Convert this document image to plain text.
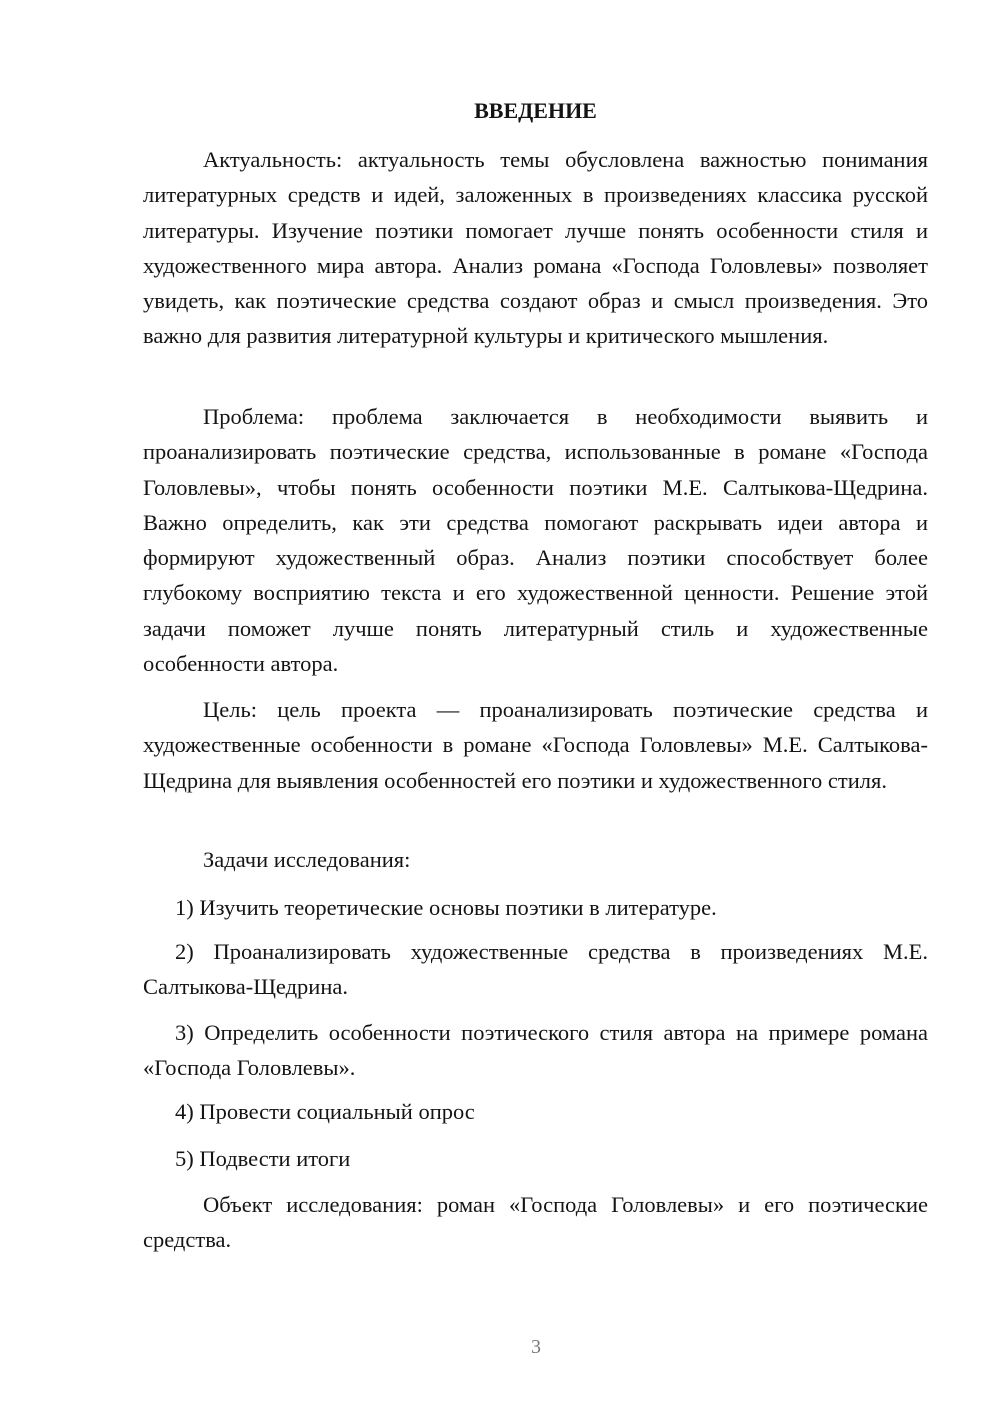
ВВЕДЕНИЕ

Актуальность: актуальность темы обусловлена важностью понимания литературных средств и идей, заложенных в произведениях классика русской литературы. Изучение поэтики помогает лучше понять особенности стиля и художественного мира автора. Анализ романа «Господа Головлевы» позволяет увидеть, как поэтические средства создают образ и смысл произведения. Это важно для развития литературной культуры и критического мышления.

Проблема: проблема заключается в необходимости выявить и проанализировать поэтические средства, использованные в романе «Господа Головлевы», чтобы понять особенности поэтики М.Е. Салтыкова-Щедрина. Важно определить, как эти средства помогают раскрывать идеи автора и формируют художественный образ. Анализ поэтики способствует более глубокому восприятию текста и его художественной ценности. Решение этой задачи поможет лучше понять литературный стиль и художественные особенности автора.

Цель: цель проекта — проанализировать поэтические средства и художественные особенности в романе «Господа Головлевы» М.Е. Салтыкова-Щедрина для выявления особенностей его поэтики и художественного стиля.

Задачи исследования:

1) Изучить теоретические основы поэтики в литературе.

2) Проанализировать художественные средства в произведениях М.Е. Салтыкова-Щедрина.

3) Определить особенности поэтического стиля автора на примере романа «Господа Головлевы».

4) Провести социальный опрос

5) Подвести итоги

Объект исследования: роман «Господа Головлевы» и его поэтические средства.

3
